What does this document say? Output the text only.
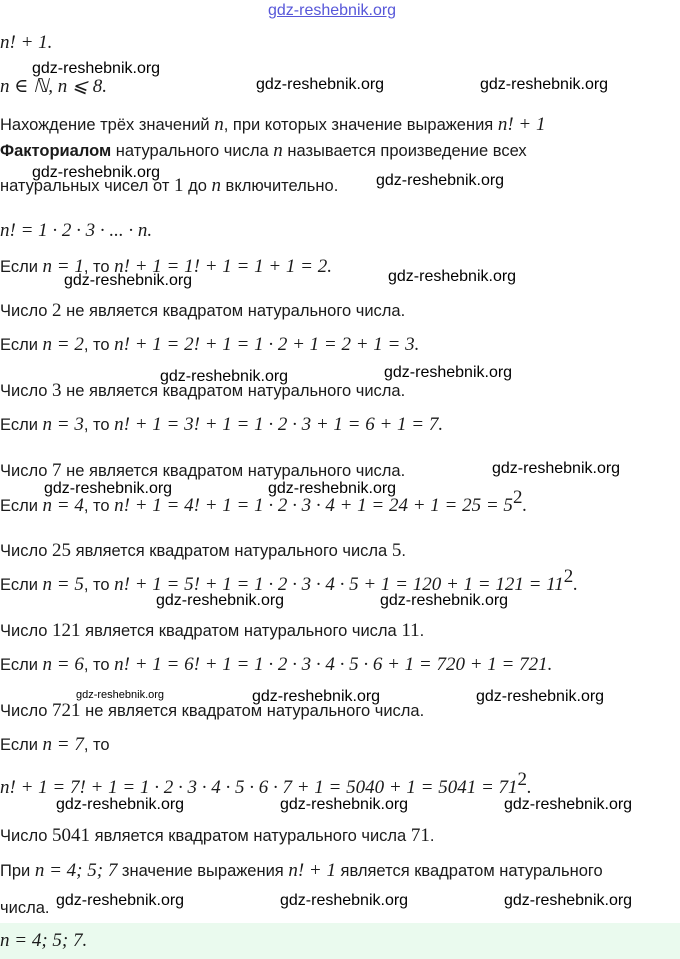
gdz-reshebnik.org
n! + 1.
n ∈ ℕ, n ⩽ 8.
Нахождение трёх значений n, при которых значение выражения n! + 1
Факториалом натурального числа n называется произведение всех
натуральных чисел от 1 до n включительно.
n! = 1 · 2 · 3 · ... · n.
Если n = 1, то n! + 1 = 1! + 1 = 1 + 1 = 2.
Число 2 не является квадратом натурального числа.
Если n = 2, то n! + 1 = 2! + 1 = 1 · 2 + 1 = 2 + 1 = 3.
Число 3 не является квадратом натурального числа.
Если n = 3, то n! + 1 = 3! + 1 = 1 · 2 · 3 + 1 = 6 + 1 = 7.
Число 7 не является квадратом натурального числа.
Если n = 4, то n! + 1 = 4! + $1 = 1 \cdot 2 \cdot 3 \cdot 4 + 1 = 24 + 1 = 25 = 5^2$.
Число 25 является квадратом натурального числа 5.
Если n = 5, то n! + 1 = 5! + $1 = 1 \cdot 2 \cdot 3 \cdot 4 \cdot 5 + 1 = 120 + 1 = 121 = 11^2$.
Число 121 является квадратом натурального числа 11.
Если n = 6, то n! + 1 = 6! + 1 = 1 · 2 · 3 · 4 · 5 · 6 + 1 = 720 + 1 = 721.
Число 721 не является квадратом натурального числа.
Если n = 7, то
n! + 1 = 7! + $1 = 1 \cdot 2 \cdot 3 \cdot 4 \cdot 5 \cdot 6 \cdot 7 + 1 = 5040 + 1 = 5041 = 71^2$.
Число 5041 является квадратом натурального числа 71.
При n = 4; 5; 7 значение выражения n! + 1 является квадратом натурального
числа.
n = 4; 5; 7.
gdz-reshebnik.org
gdz-reshebnik.org	gdz-reshebnik.org
gdz-reshebnik.org	gdz-reshebnik.org
gdz-reshebnik.org	gdz-reshebnik.org
gdz-reshebnik.org	gdz-reshebnik.org
gdz-reshebnik.org
gdz-reshebnik.org	gdz-reshebnik.org
gdz-reshebnik.org	gdz-reshebnik.org
gdz-reshebnik.org	gdz-reshebnik.org	gdz-reshebnik.org
gdz-reshebnik.org	gdz-reshebnik.org	gdz-reshebnik.org
gdz-reshebnik.org	gdz-reshebnik.org	gdz-reshebnik.org
